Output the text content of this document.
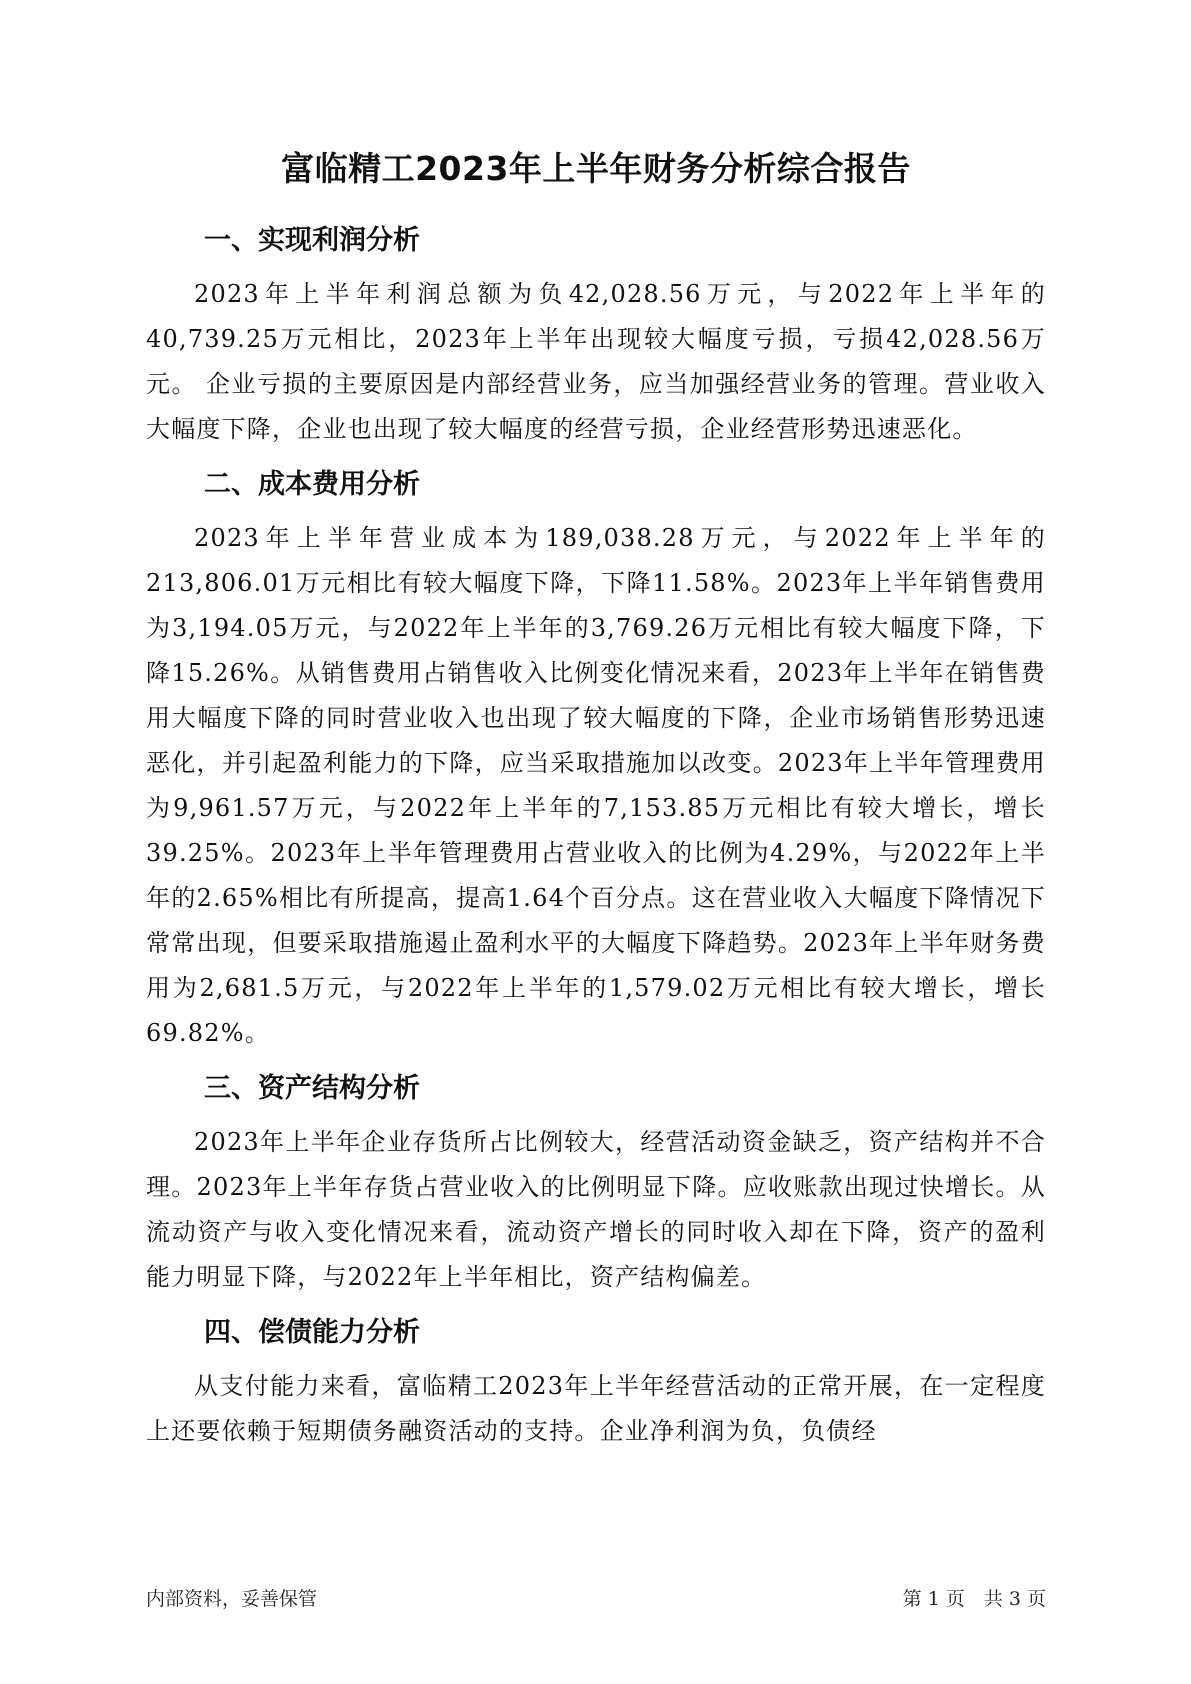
富临精工2023年上半年财务分析综合报告
一、实现利润分析

2023年上半年利润总额为负42,028.56万元，与2022年上半年的40,739.25万元相比，2023年上半年出现较大幅度亏损，亏损42,028.56万元。 企业亏损的主要原因是内部经营业务，应当加强经营业务的管理。营业收入大幅度下降，企业也出现了较大幅度的经营亏损，企业经营形势迅速恶化。

二、成本费用分析

2023年上半年营业成本为189,038.28万元，与2022年上半年的213,806.01万元相比有较大幅度下降，下降11.58%。2023年上半年销售费用为3,194.05万元，与2022年上半年的3,769.26万元相比有较大幅度下降，下降15.26%。从销售费用占销售收入比例变化情况来看，2023年上半年在销售费用大幅度下降的同时营业收入也出现了较大幅度的下降，企业市场销售形势迅速恶化，并引起盈利能力的下降，应当采取措施加以改变。2023年上半年管理费用为9,961.57万元，与2022年上半年的7,153.85万元相比有较大增长，增长39.25%。2023年上半年管理费用占营业收入的比例为4.29%，与2022年上半年的2.65%相比有所提高，提高1.64个百分点。这在营业收入大幅度下降情况下常常出现，但要采取措施遏止盈利水平的大幅度下降趋势。2023年上半年财务费用为2,681.5万元，与2022年上半年的1,579.02万元相比有较大增长，增长69.82%。

三、资产结构分析

2023年上半年企业存货所占比例较大，经营活动资金缺乏，资产结构并不合理。2023年上半年存货占营业收入的比例明显下降。应收账款出现过快增长。从流动资产与收入变化情况来看，流动资产增长的同时收入却在下降，资产的盈利能力明显下降，与2022年上半年相比，资产结构偏差。

四、偿债能力分析

从支付能力来看，富临精工2023年上半年经营活动的正常开展，在一定程度上还要依赖于短期债务融资活动的支持。企业净利润为负，负债经

内部资料，妥善保管	第 1 页　共 3 页
